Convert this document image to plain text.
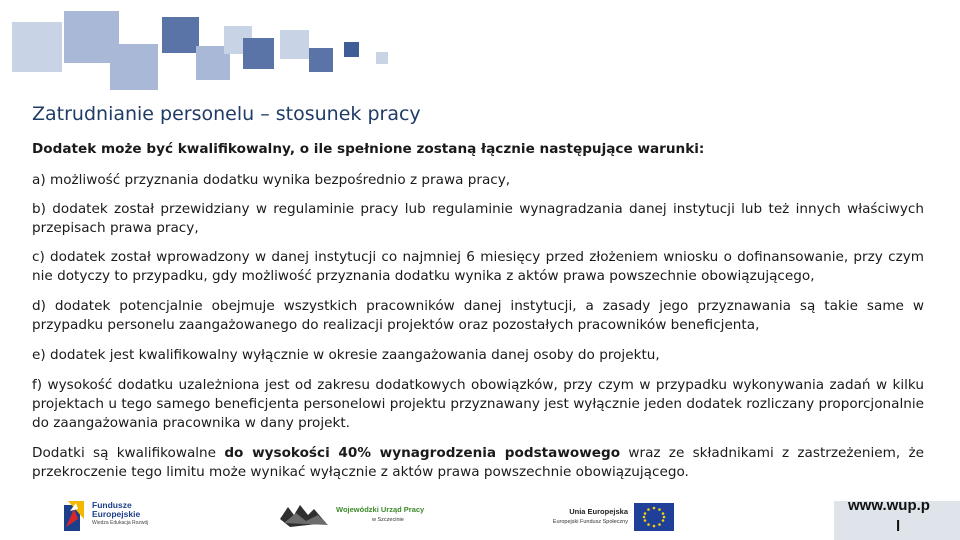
Zatrudnianie personelu – stosunek pracy
Dodatek może być kwalifikowalny, o ile spełnione zostaną łącznie następujące warunki:
a) możliwość przyznania dodatku wynika bezpośrednio z prawa pracy,
b) dodatek został przewidziany w regulaminie pracy lub regulaminie wynagradzania danej instytucji lub też innych właściwych przepisach prawa pracy,
c) dodatek został wprowadzony w danej instytucji co najmniej 6 miesięcy przed złożeniem wniosku o dofinansowanie, przy czym nie dotyczy to przypadku, gdy możliwość przyznania dodatku wynika z aktów prawa powszechnie obowiązującego,
d) dodatek potencjalnie obejmuje wszystkich pracowników danej instytucji, a zasady jego przyznawania są takie same w przypadku personelu zaangażowanego do realizacji projektów oraz pozostałych pracowników beneficjenta,
e) dodatek jest kwalifikowalny wyłącznie w okresie zaangażowania danej osoby do projektu,
f) wysokość dodatku uzależniona jest od zakresu dodatkowych obowiązków, przy czym w przypadku wykonywania zadań w kilku projektach u tego samego beneficjenta personelowi projektu przyznawany jest wyłącznie jeden dodatek rozliczany proporcjonalnie do zaangażowania pracownika w dany projekt.
Dodatki są kwalifikowalne do wysokości 40% wynagrodzenia podstawowego wraz ze składnikami z zastrzeżeniem, że przekroczenie tego limitu może wynikać wyłącznie z aktów prawa powszechnie obowiązującego.
Fundusze
Europejskie
Wiedza Edukacja Rozwój
Wojewódzki Urząd Pracy
w Szczecinie
Unia Europejska
Europejski Fundusz Społeczny
www.wup.p
l
